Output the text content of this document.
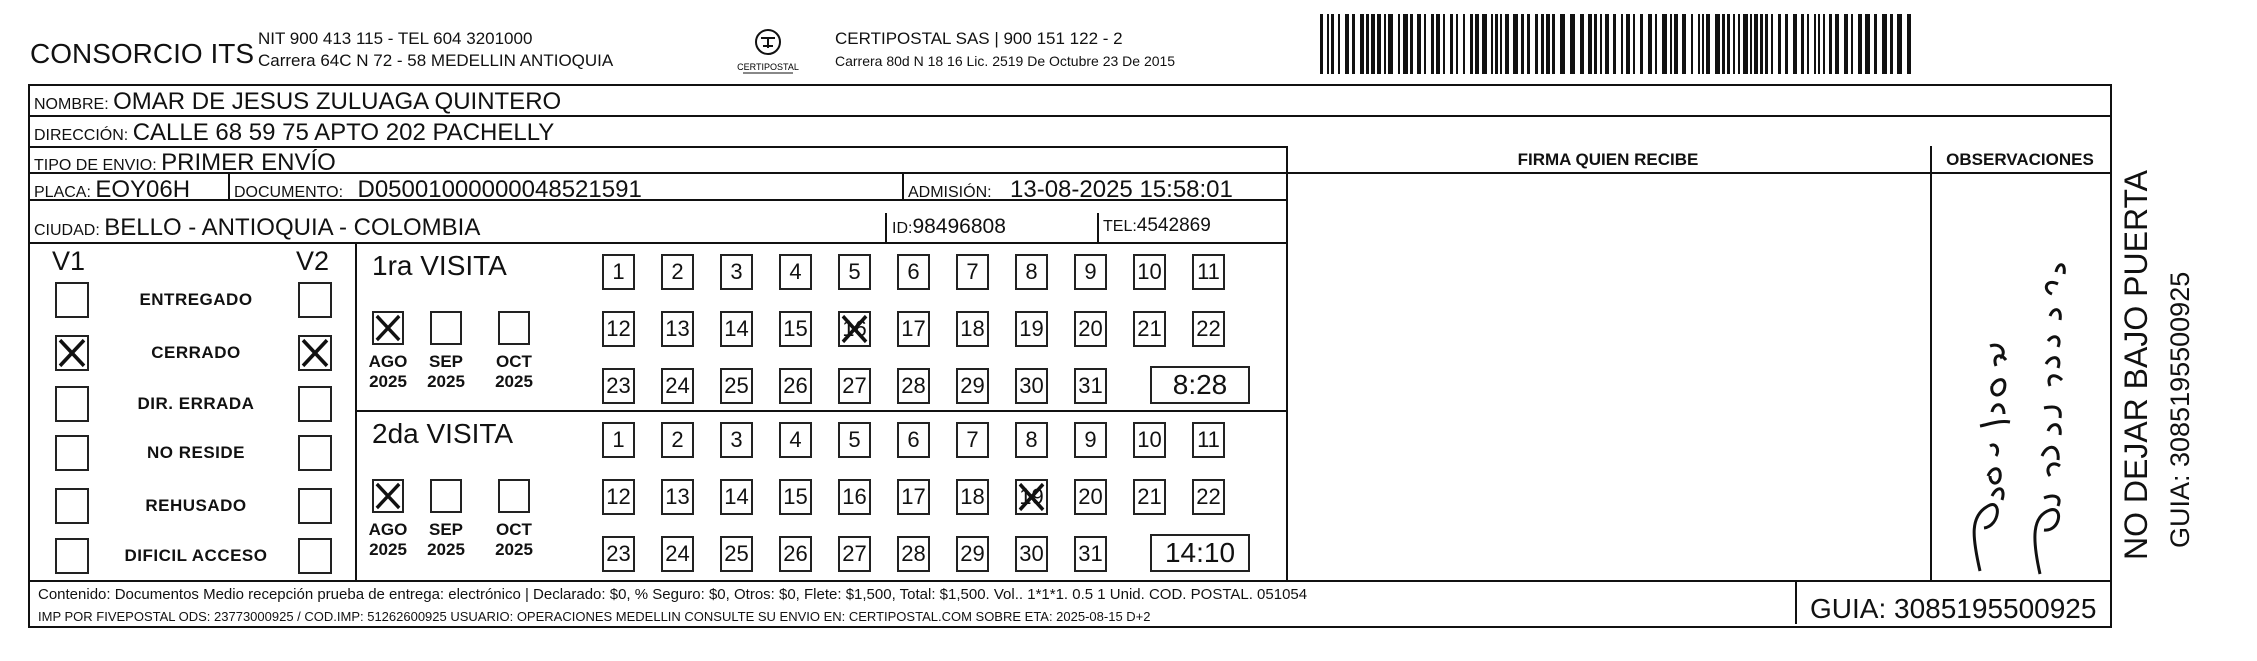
CONSORCIO ITS NIT 900 413 115 - TEL 604 3201000
Carrera 64C N 72 - 58 MEDELLIN ANTIOQUIA	CERTIPOSTAL
CERTIPOSTAL SAS | 900 151 122 - 2
Carrera 80d N 18 16 Lic. 2519 De Octubre 23 De 2015
NOMBRE: OMAR DE JESUS ZULUAGA QUINTERO
DIRECCIÓN: CALLE 68 59 75 APTO 202 PACHELLY
TIPO DE ENVIO: PRIMER ENVÍO
PLACA: EOY06H	DOCUMENTO: D05001000000048521591	ADMISIÓN: 13-08-2025 15:58:01
CIUDAD: BELLO - ANTIOQUIA - COLOMBIA	ID:98496808	TEL:4542869
FIRMA QUIEN RECIBE	OBSERVACIONES
V1	V2
ENTREGADO
CERRADO
DIR. ERRADA
NO RESIDE
REHUSADO
DIFICIL ACCESO
1ra VISITA
AGO
2025
SEP
2025
OCT
2025
1	2	3	4	5	6	7	8	9	10 11
12 13 14 15 16 17 18 19 20 21 22
23 24 25 26 27 28 29 30 31	8:28
2da VISITA
AGO
2025
SEP
2025
OCT
2025
1	2	3	4	5	6	7	8	9	10 11
12 13 14 15 16 17 18 19 20 21 22
23 24 25 26 27 28 29 30 31	14:10
Contenido: Documentos Medio recepción prueba de entrega: electrónico | Declarado: $0, % Seguro: $0, Otros: $0, Flete: $1,500, Total: $1,500. Vol.. 1*1*1. 0.5 1 Unid. COD. POSTAL. 051054
IMP POR FIVEPOSTAL ODS: 23773000925 / COD.IMP: 51262600925 USUARIO: OPERACIONES MEDELLIN CONSULTE SU ENVIO EN: CERTIPOSTAL.COM SOBRE ETA: 2025-08-15 D+2	GUIA: 3085195500925
NO DEJAR BAJO PUERTA GUIA: 3085195500925
